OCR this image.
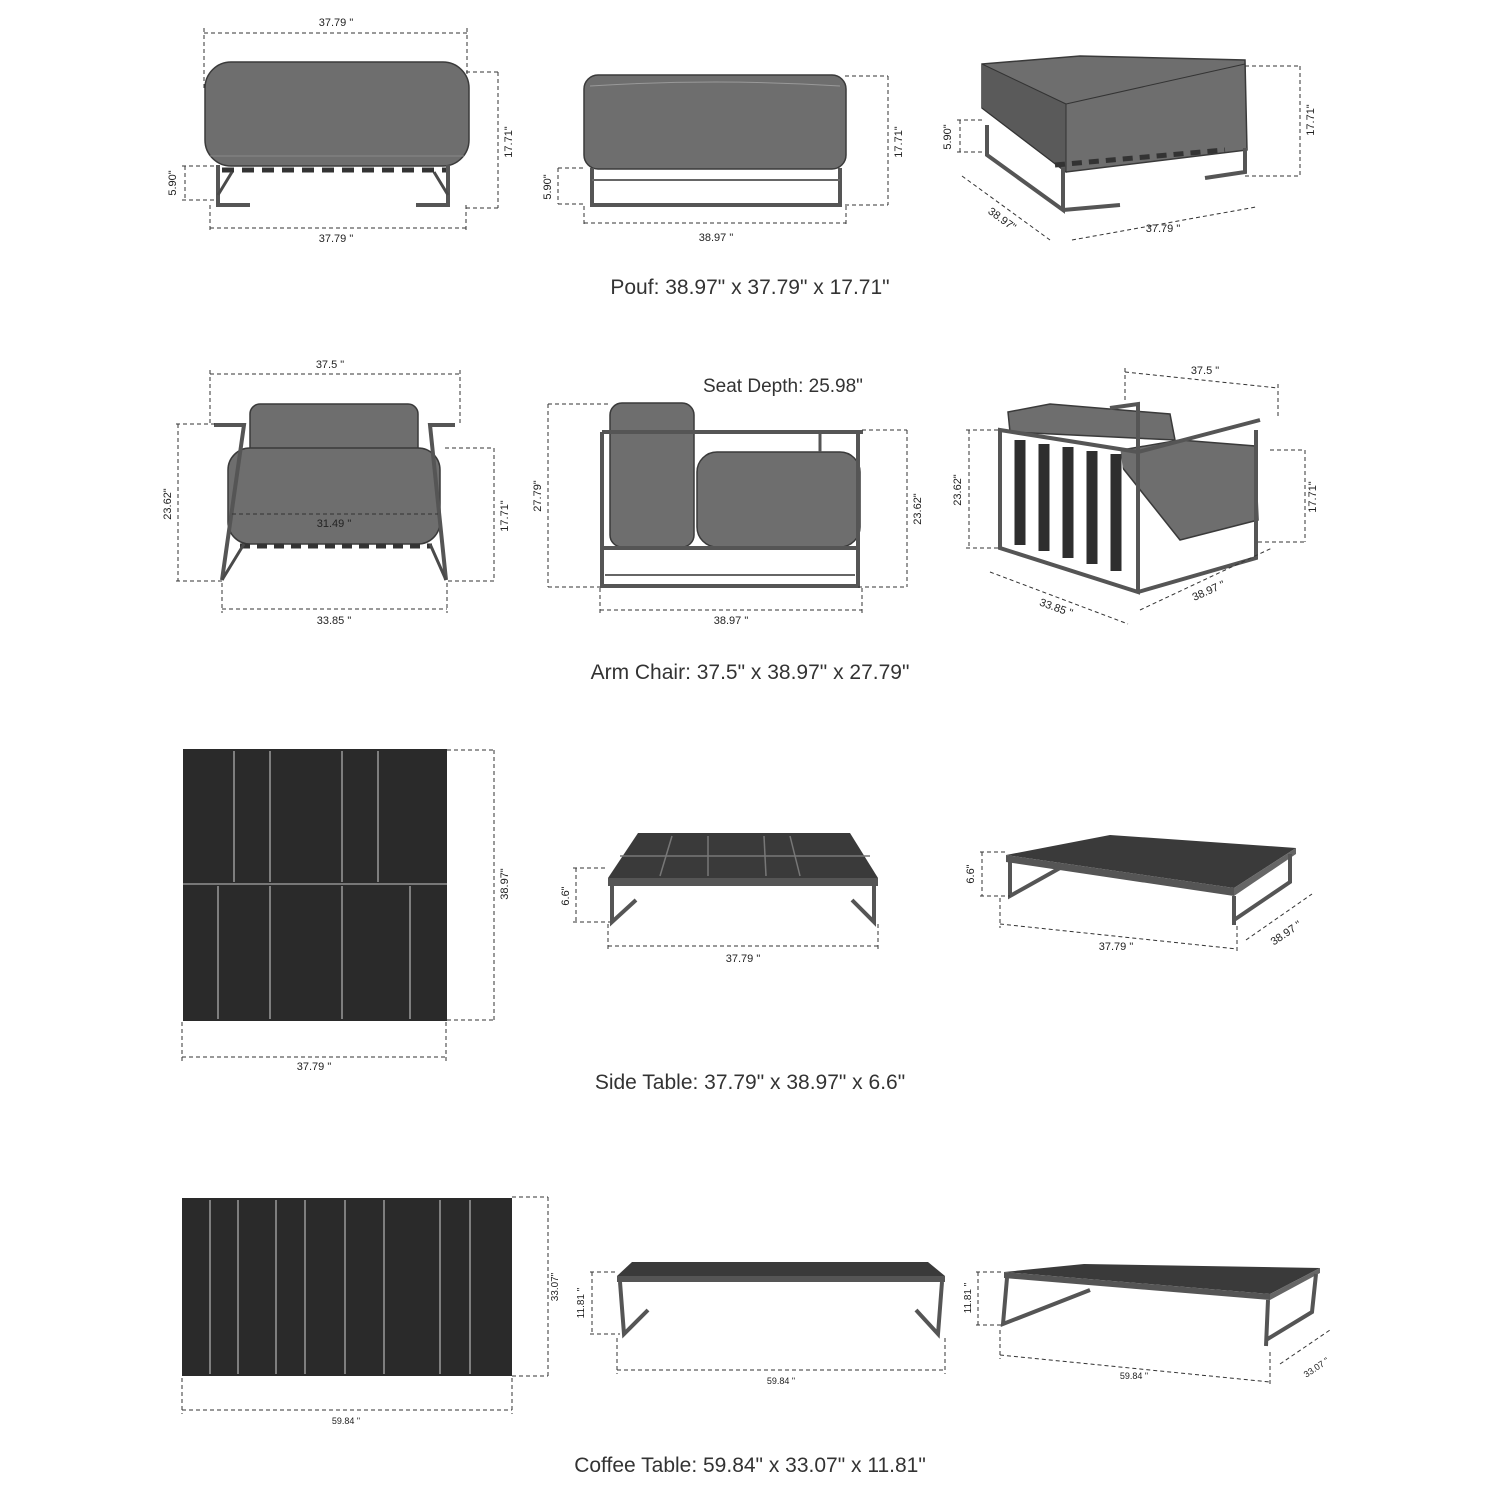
37.79 "
17.71"
5.90"
37.79 "
17.71"
5.90"
38.97 "
17.71"
5.90"
38.97"	37.79 "
37.5 "
31.49 "
23.62"	17.71"
33.85 "
27.79"	23.62"
38.97 "
37.5 "
23.62"	17.71"
33.85 "
38.97 "
38.97"
37.79 "
6.6"
37.79 "
6.6"
37.79 "	38.97 "
33.07"
59.84 "
11.81 "
59.84 "
11.81 "
59.84 "	33.07 "
Pouf: 38.97" x 37.79" x 17.71"
Seat Depth: 25.98"
Arm Chair: 37.5" x 38.97" x 27.79"
Side Table: 37.79" x 38.97" x 6.6"
Coffee Table: 59.84" x 33.07" x 11.81"
